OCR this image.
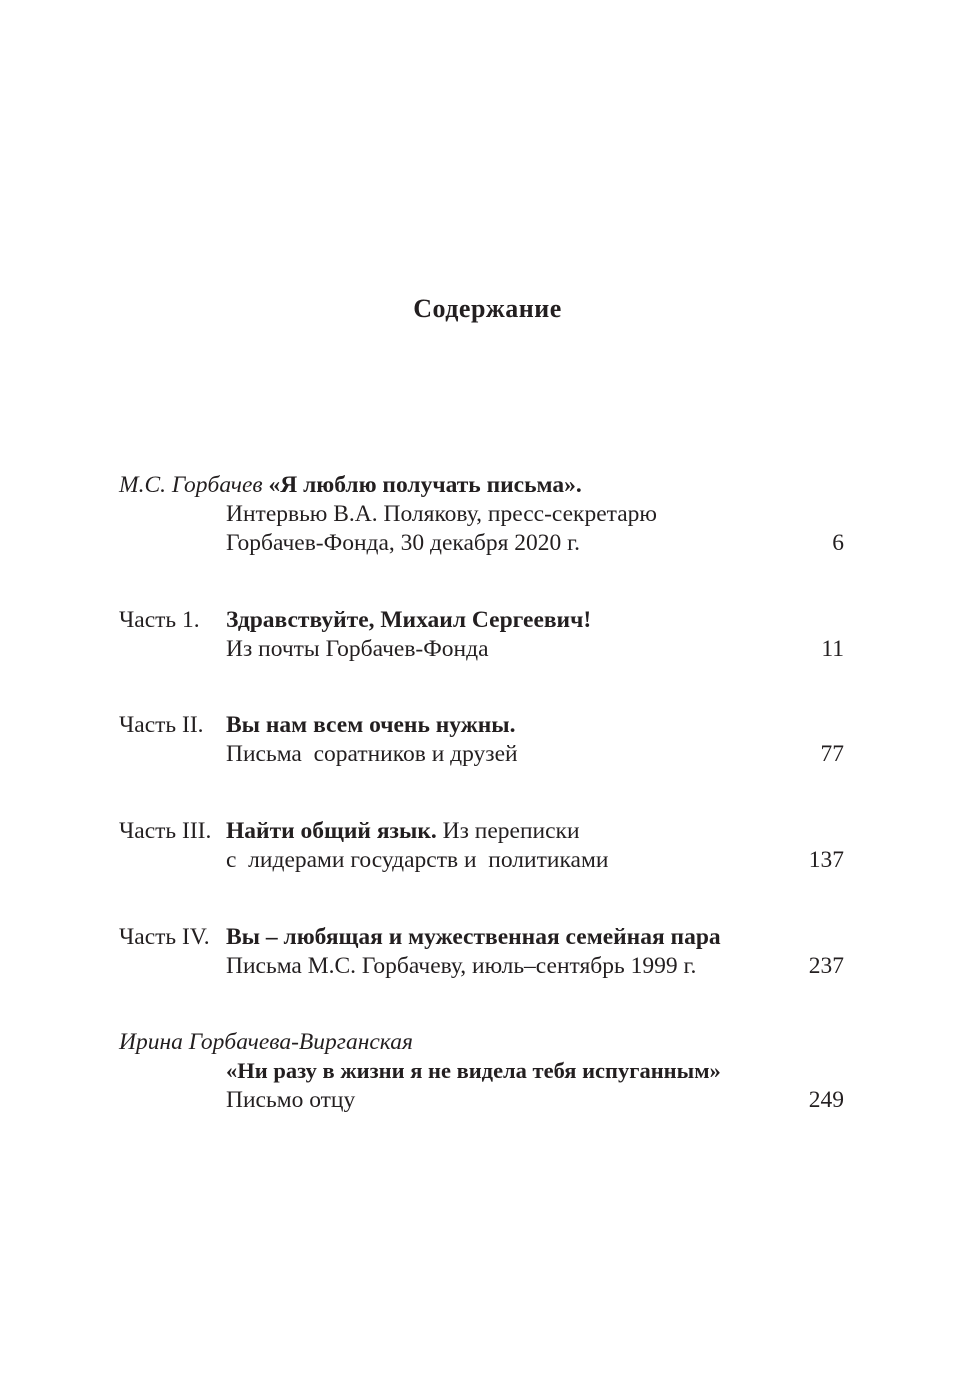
Содержание
М.С. Горбачев «Я люблю получать письма».
Интервью В.А. Полякову, пресс-секретарю
Горбачев-Фонда, 30 декабря 2020 г.	6
Часть 1. Здравствуйте, Михаил Сергеевич!
Из почты Горбачев-Фонда	11
Часть II. Вы нам всем очень нужны.
Письма  соратников и друзей	77
Часть III. Найти общий язык. Из переписки
с  лидерами государств и  политиками	137
Часть IV. Вы – любящая и мужественная семейная пара
Письма М.С. Горбачеву, июль–сентябрь 1999 г.	237
Ирина Горбачева-Вирганская
«Ни разу в жизни я не видела тебя испуганным»
Письмо отцу	249
